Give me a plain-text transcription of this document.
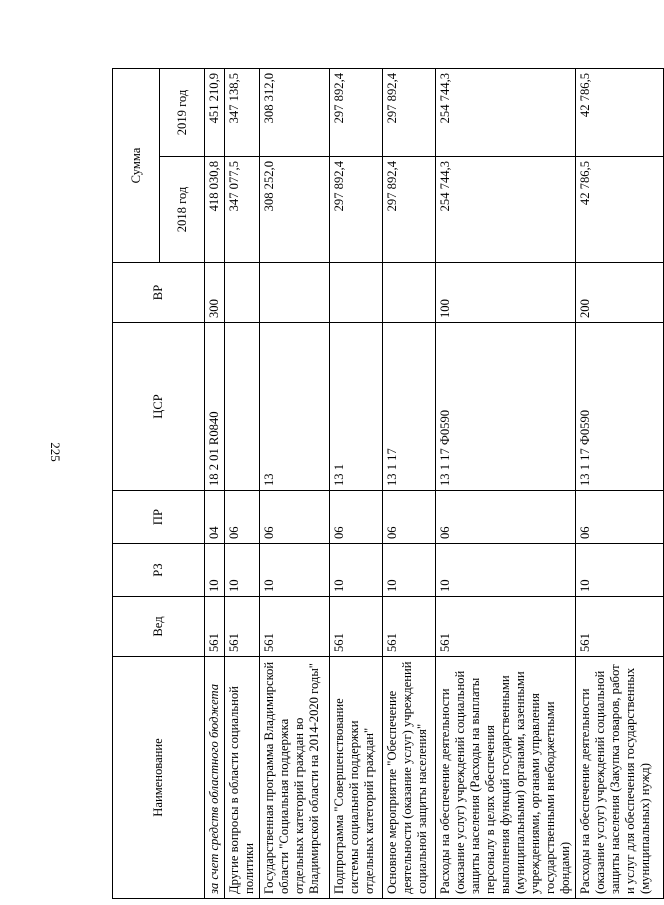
225
Наименование	Вед	РЗ	ПР	ЦСР	ВР	Сумма	
						2018 год	2019 год
за счет средств областного бюджета	561	10	04	18 2 01 R0840	300	418 030,8	451 210,9
Другие вопросы в области социальной политики	561	10	06			347 077,5	347 138,5
Государственная программа Владимирской области "Социальная поддержка отдельных категорий граждан во Владимирской области на 2014-2020 годы"	561	10	06	13		308 252,0	308 312,0
Подпрограмма "Совершенствование системы социальной поддержки отдельных категорий граждан"	561	10	06	13 1		297 892,4	297 892,4
Основное мероприятие "Обеспечение деятельности (оказание услуг) учреждений социальной защиты населения"	561	10	06	13 1 17		297 892,4	297 892,4
Расходы на обеспечение деятельности (оказание услуг) учреждений социальной защиты населения (Расходы на выплаты персоналу в целях обеспечения выполнения функций государственными (муниципальными) органами, казенными учреждениями, органами управления государственными внебюджетными фондами)	561	10	06	13 1 17 Ф0590	100	254 744,3	254 744,3
Расходы на обеспечение деятельности (оказание услуг) учреждений социальной защиты населения (Закупка товаров, работ и услуг для обеспечения государственных (муниципальных) нужд)	561	10	06	13 1 17 Ф0590	200	42 786,5	42 786,5
